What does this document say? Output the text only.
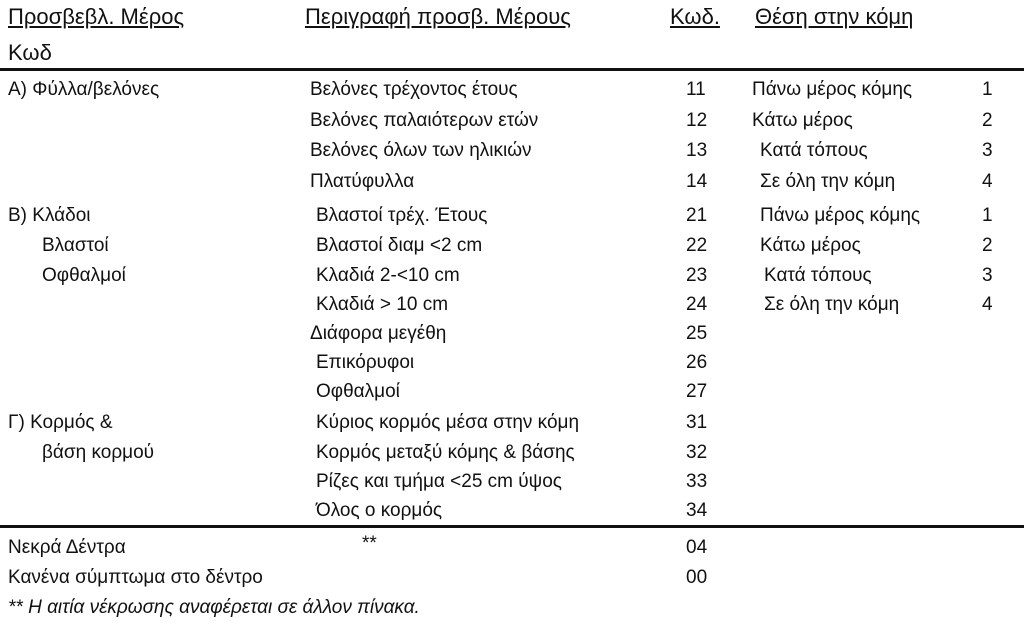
Προσβεβλ. Μέρος
Κωδ
Περιγραφή προσβ. Μέρους	Κωδ. Θέση στην κόμη
A) Φύλλα/βελόνες	Βελόνες τρέχοντος έτους	11	Πάνω μέρος κόμης	1
Βελόνες παλαιότερων ετών	12	Κάτω μέρος	2
Βελόνες όλων των ηλικιών	13	Κατά τόπους	3
Πλατύφυλλα	14	Σε όλη την κόμη	4
B) Κλάδοι
Βλαστοί
Οφθαλμοί
Βλαστοί τρέχ. Έτους	21	Πάνω μέρος κόμης	1
Βλαστοί διαμ <2 cm	22	Κάτω μέρος	2
Κλαδιά 2-<10 cm	23	Κατά τόπους	3
Κλαδιά > 10 cm	24	Σε όλη την κόμη	4
Διάφορα μεγέθη	25
Επικόρυφοι	26
Οφθαλμοί	27
Γ) Κορμός &
βάση κορμού
Κύριος κορμός μέσα στην κόμη	31
Κορμός μεταξύ κόμης & βάσης	32
Ρίζες και τμήμα <25 cm ύψος	33
Όλος ο κορμός	34
Νεκρά Δέντρα	**	04
Κανένα σύμπτωμα στο δέντρο	00
** Η αιτία νέκρωσης αναφέρεται σε άλλον πίνακα.
